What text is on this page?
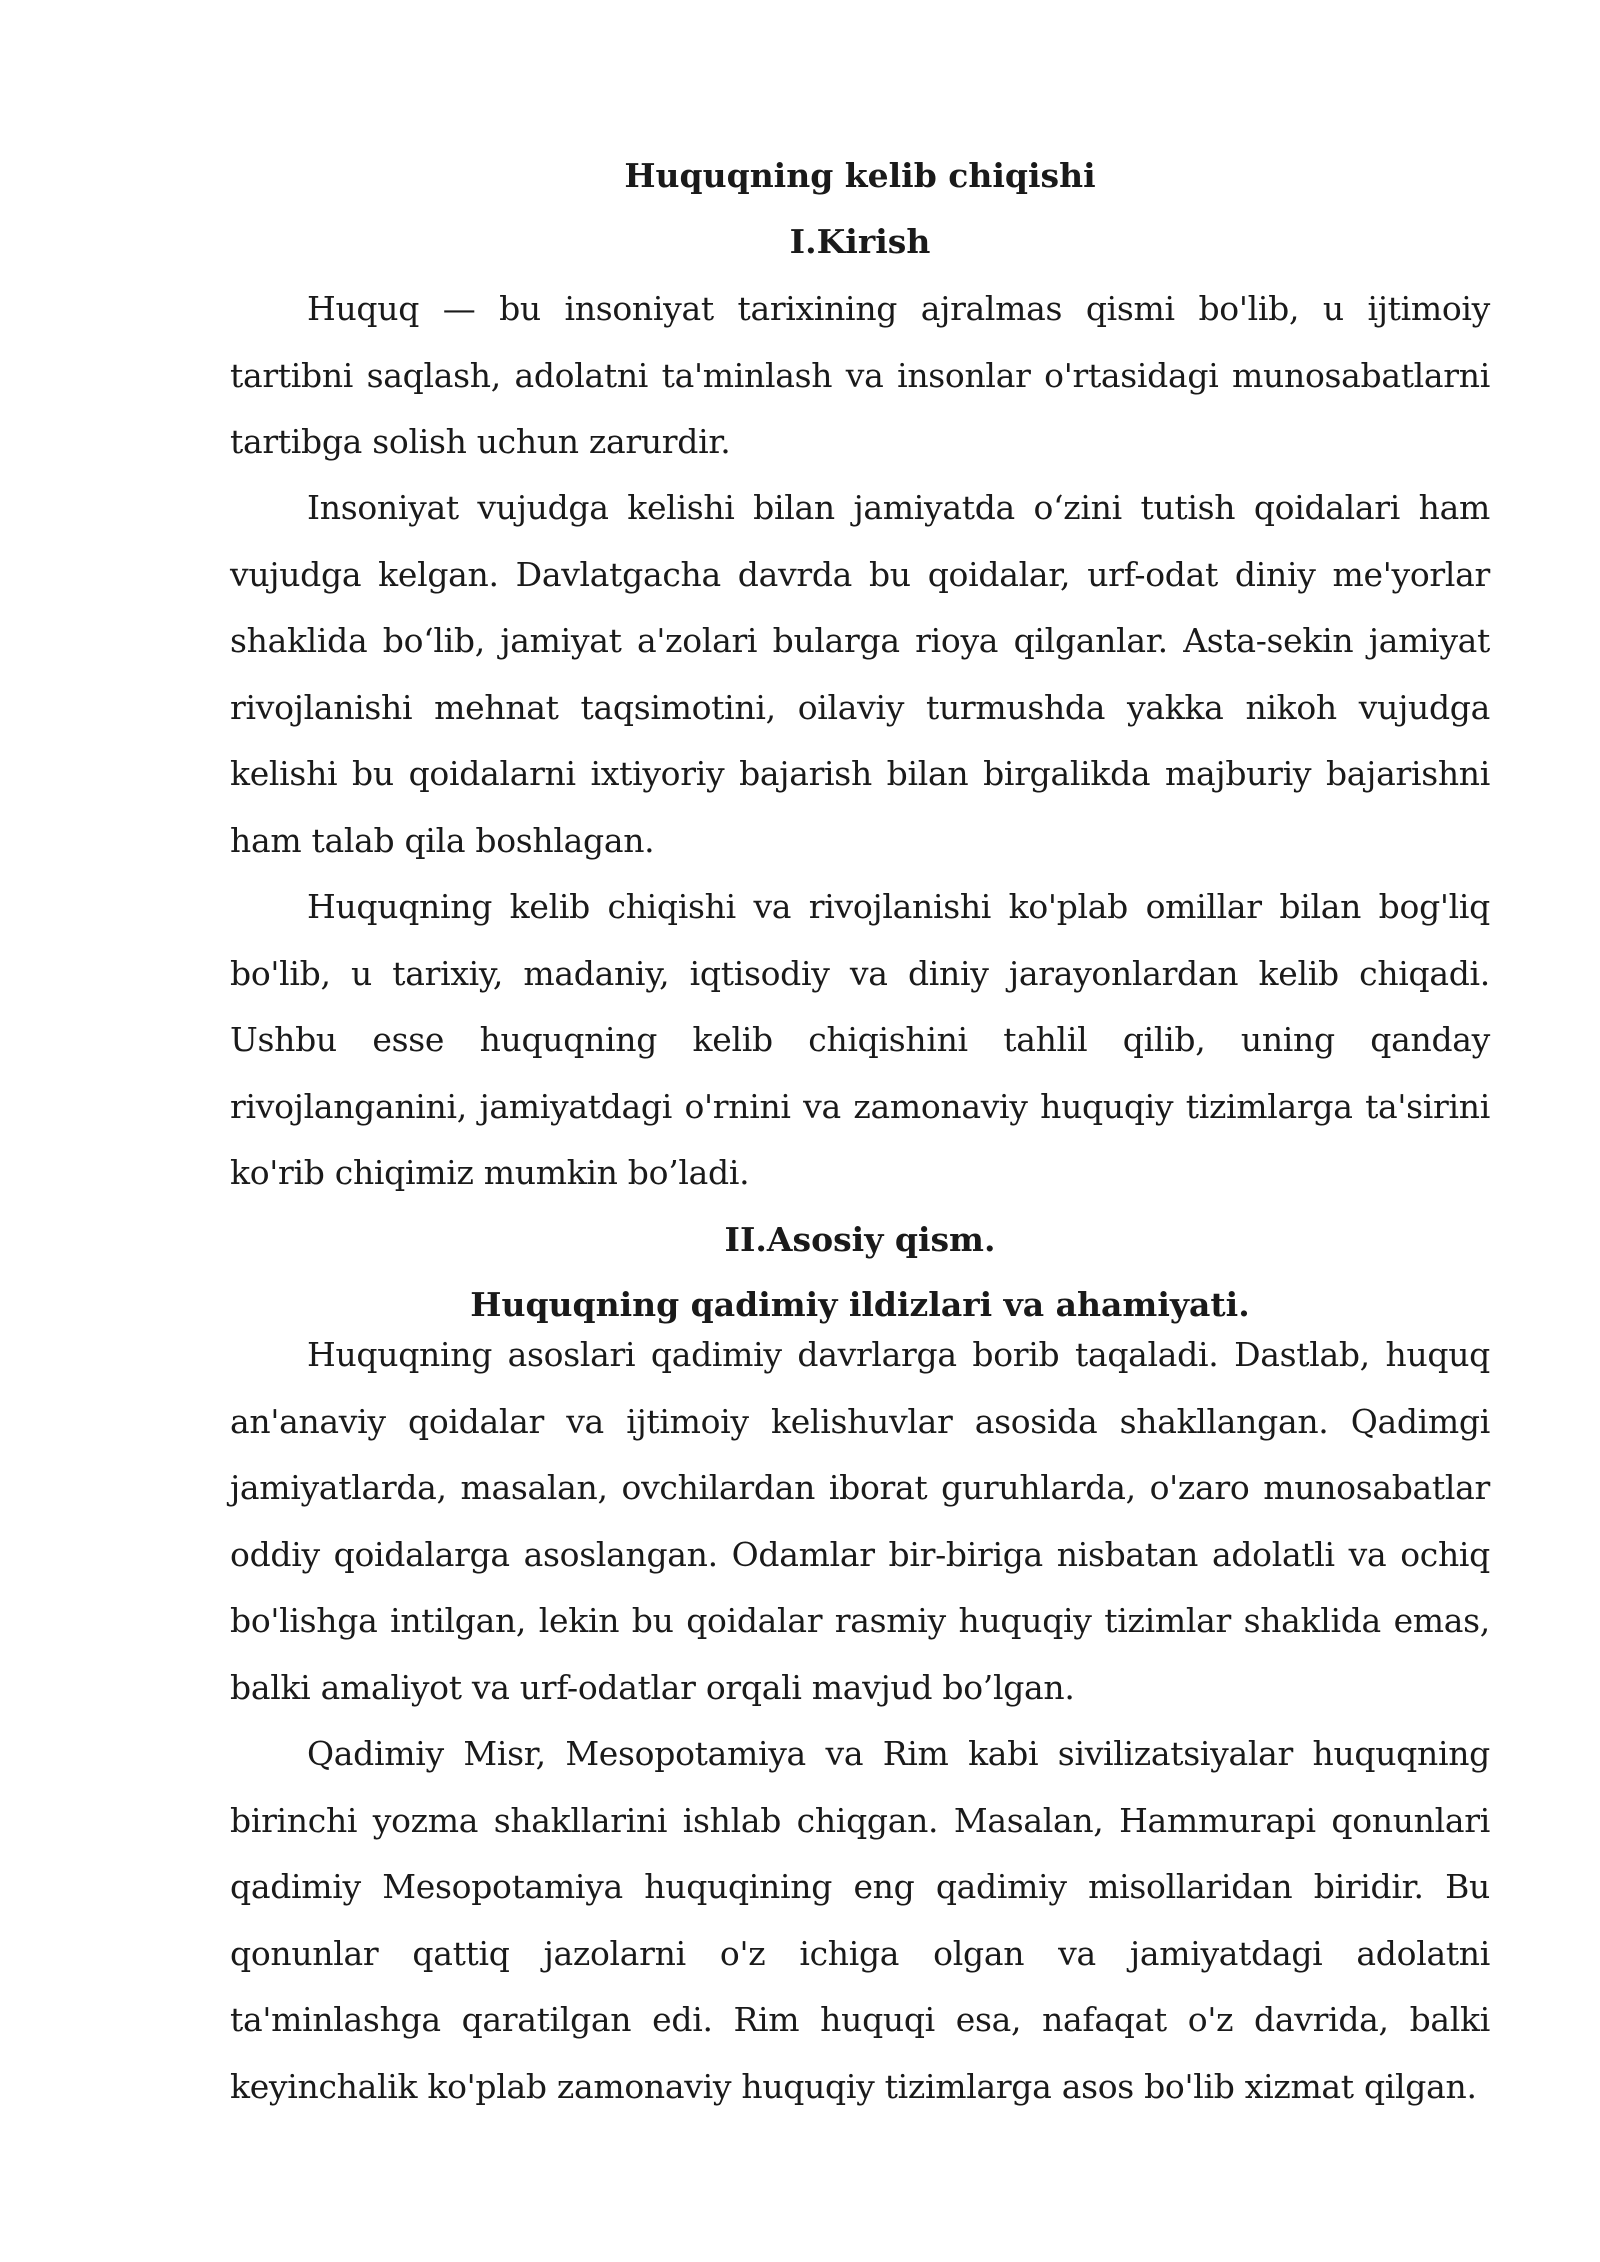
Huquqning kelib chiqishi
I.Kirish

Huquq — bu insoniyat tarixining ajralmas qismi bo'lib, u ijtimoiy tartibni saqlash, adolatni ta'minlash va insonlar o'rtasidagi munosabatlarni tartibga solish uchun zarurdir.

Insoniyat vujudga kelishi bilan jamiyatda o‘zini tutish qoidalari ham vujudga kelgan. Davlatgacha davrda bu qoidalar, urf-odat diniy me'yorlar shaklida bo‘lib, jamiyat a'zolari bularga rioya qilganlar. Asta-sekin jamiyat rivojlanishi mehnat taqsimotini, oilaviy turmushda yakka nikoh vujudga kelishi bu qoidalarni ixtiyoriy bajarish bilan birgalikda majburiy bajarishni ham talab qila boshlagan.

Huquqning kelib chiqishi va rivojlanishi ko'plab omillar bilan bog'liq bo'lib, u tarixiy, madaniy, iqtisodiy va diniy jarayonlardan kelib chiqadi. Ushbu esse huquqning kelib chiqishini tahlil qilib, uning qanday rivojlanganini, jamiyatdagi o'rnini va zamonaviy huquqiy tizimlarga ta'sirini ko'rib chiqimiz mumkin bo’ladi.

II.Asosiy qism.
Huquqning qadimiy ildizlari va ahamiyati.

Huquqning asoslari qadimiy davrlarga borib taqaladi. Dastlab, huquq an'anaviy qoidalar va ijtimoiy kelishuvlar asosida shakllangan. Qadimgi jamiyatlarda, masalan, ovchilardan iborat guruhlarda, o'zaro munosabatlar oddiy qoidalarga asoslangan. Odamlar bir-biriga nisbatan adolatli va ochiq bo'lishga intilgan, lekin bu qoidalar rasmiy huquqiy tizimlar shaklida emas, balki amaliyot va urf-odatlar orqali mavjud bo’lgan.

Qadimiy Misr, Mesopotamiya va Rim kabi sivilizatsiyalar huquqning birinchi yozma shakllarini ishlab chiqgan. Masalan, Hammurapi qonunlari qadimiy Mesopotamiya huquqining eng qadimiy misollaridan biridir. Bu qonunlar qattiq jazolarni o'z ichiga olgan va jamiyatdagi adolatni ta'minlashga qaratilgan edi. Rim huquqi esa, nafaqat o'z davrida, balki keyinchalik ko'plab zamonaviy huquqiy tizimlarga asos bo'lib xizmat qilgan.
